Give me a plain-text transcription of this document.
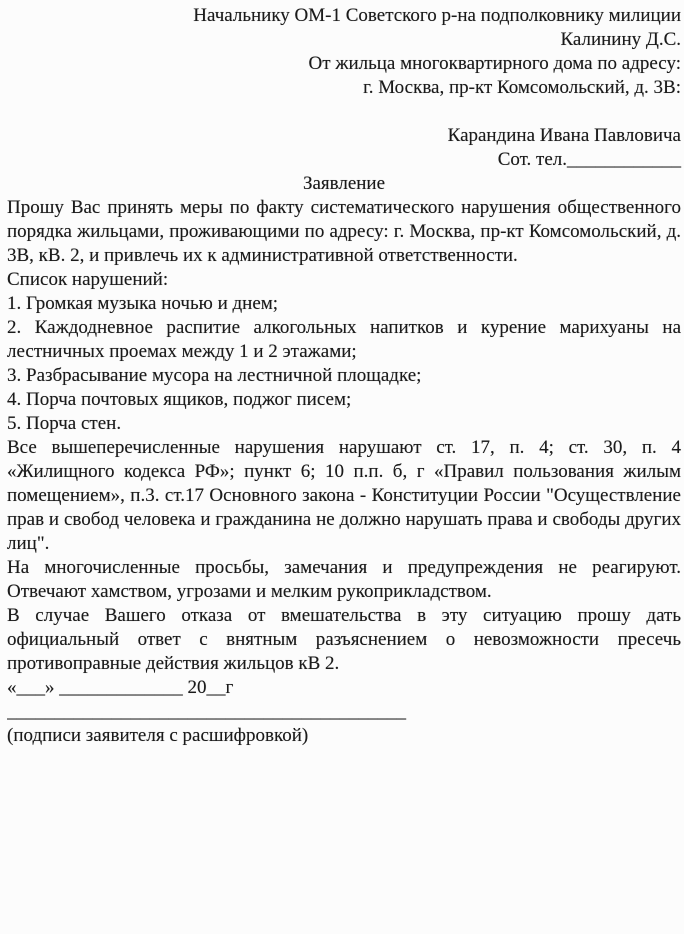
Начальнику ОМ-1 Советского р-на подполковнику милиции
Калинину Д.С.
От жильца многоквартирного дома по адресу:
г. Москва, пр-кт Комсомольский, д. 3В:
Карандина Ивана Павловича
Сот. тел.____________
Заявление

Прошу Вас принять меры по факту систематического нарушения общественного порядка жильцами, проживающими по адресу: г. Москва, пр-кт Комсомольский, д. 3В, кВ. 2, и привлечь их к административной ответственности.

Список нарушений:
1. Громкая музыка ночью и днем;
2. Каждодневное распитие алкогольных напитков и курение марихуаны на лестничных проемах между 1 и 2 этажами;
3. Разбрасывание мусора на лестничной площадке;
4. Порча почтовых ящиков, поджог писем;
5. Порча стен.

Все вышеперечисленные нарушения нарушают ст. 17, п. 4; ст. 30, п. 4 «Жилищного кодекса РФ»; пункт 6; 10 п.п. б, г «Правил пользования жилым помещением», п.3. ст.17 Основного закона - Конституции России "Осуществление прав и свобод человека и гражданина не должно нарушать права и свободы других лиц".

На многочисленные просьбы, замечания и предупреждения не реагируют. Отвечают хамством, угрозами и мелким рукоприкладством.

В случае Вашего отказа от вмешательства в эту ситуацию прошу дать официальный ответ с внятным разъяснением о невозможности пресечь противоправные действия жильцов кВ 2.

«___» _____________ 20__г
__________________________________________
(подписи заявителя с расшифровкой)
